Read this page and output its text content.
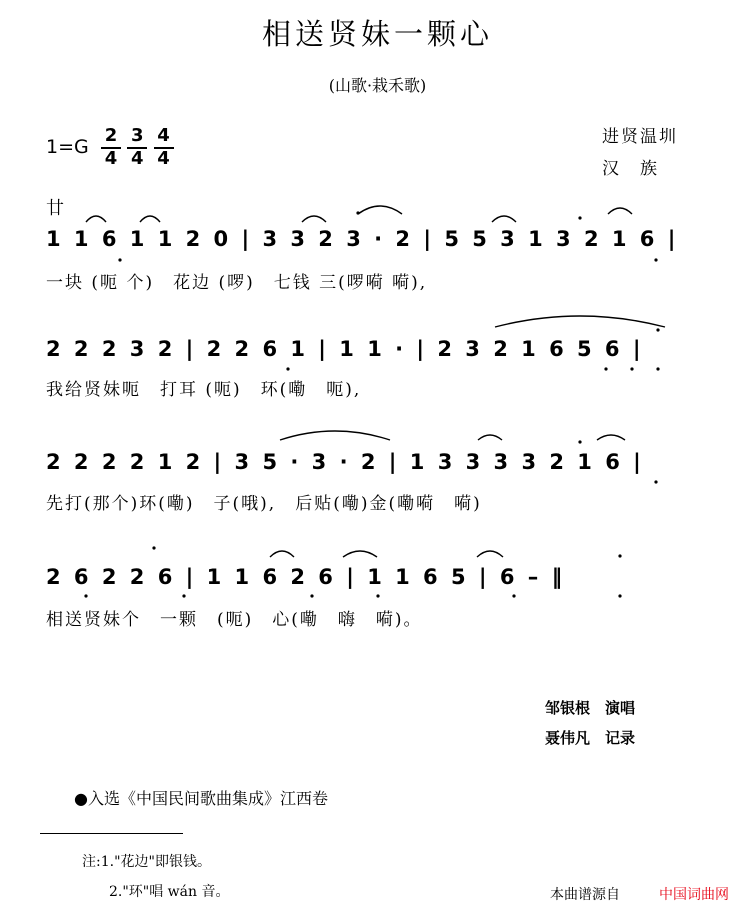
相送贤妹一颗心
(山歌·栽禾歌)
$1=G \frac{2}{4}$
$\frac{3}{4}$
$\frac{4}{4}$	进贤温圳
汉　族
廿
1 1 6 1 1 2 0 | 3 3 2 3 · 2 | 5 5 3 1 3 2 1 6 |
一块 (呃 个)　花边 (啰)　七钱 三(啰嗬 嗬),
2 2 2 3 2 | 2 2 6 1 | 1 1 · | 2 3 2 1 6 5 6 |
我给贤妹呃　打耳 (呃)　环(嘞　呃),
2 2 2 2 1 2 | 3 5 · 3 · 2 | 1 3 3 3 3 2 1 6 |
先打(那个)环(嘞)　子(哦),　后贴(嘞)金(嘞嗬　嗬)
2 6 2 2 6 | 1 1 6 2 6 | 1 1 6 5 | 6 – ‖
相送贤妹个　一颗　(呃)　心(嘞　嗨　嗬)。
邹银根　演唱
聂伟凡　记录
●入选《中国民间歌曲集成》江西卷
注:1."花边"即银钱。
2."环"唱 wán 音。	本曲谱源自	中国词曲网
